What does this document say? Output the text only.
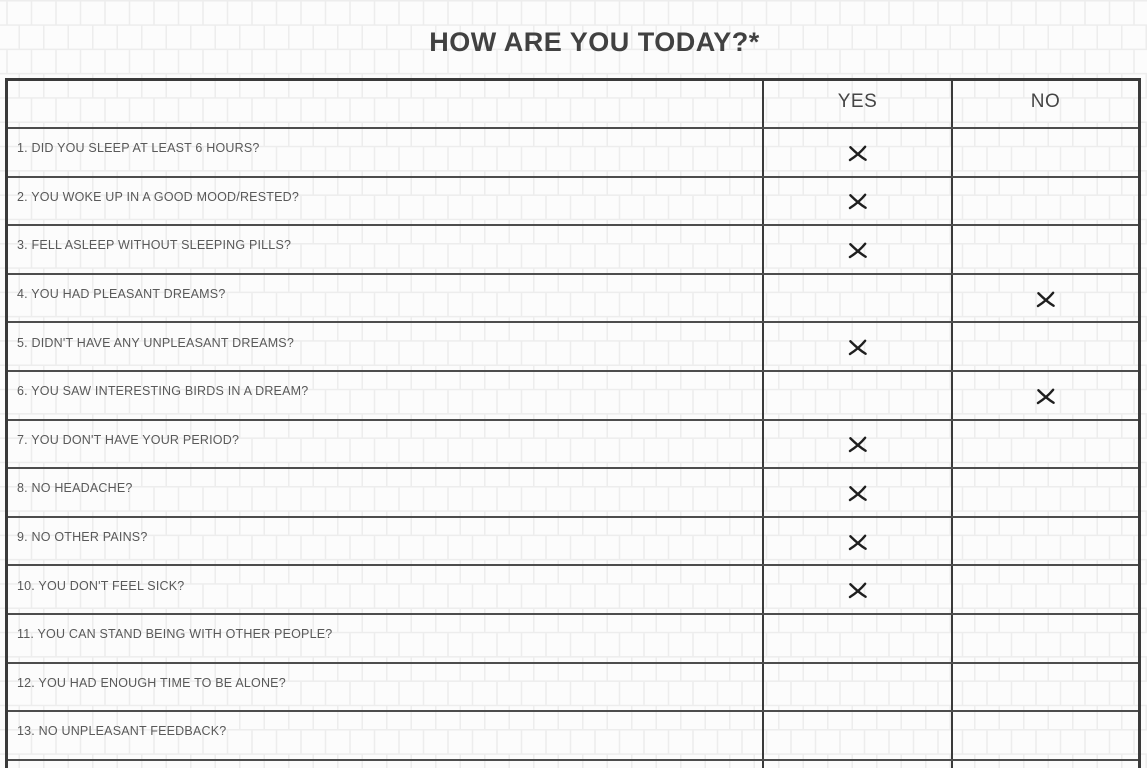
HOW ARE YOU TODAY?*
YES	NO
1. DID YOU SLEEP AT LEAST 6 HOURS?
2. YOU WOKE UP IN A GOOD MOOD/RESTED?
3. FELL ASLEEP WITHOUT SLEEPING PILLS?
4. YOU HAD PLEASANT DREAMS?
5. DIDN'T HAVE ANY UNPLEASANT DREAMS?
6. YOU SAW INTERESTING BIRDS IN A DREAM?
7. YOU DON'T HAVE YOUR PERIOD?
8. NO HEADACHE?
9. NO OTHER PAINS?
10. YOU DON'T FEEL SICK?
11. YOU CAN STAND BEING WITH OTHER PEOPLE?
12. YOU HAD ENOUGH TIME TO BE ALONE?
13. NO UNPLEASANT FEEDBACK?
